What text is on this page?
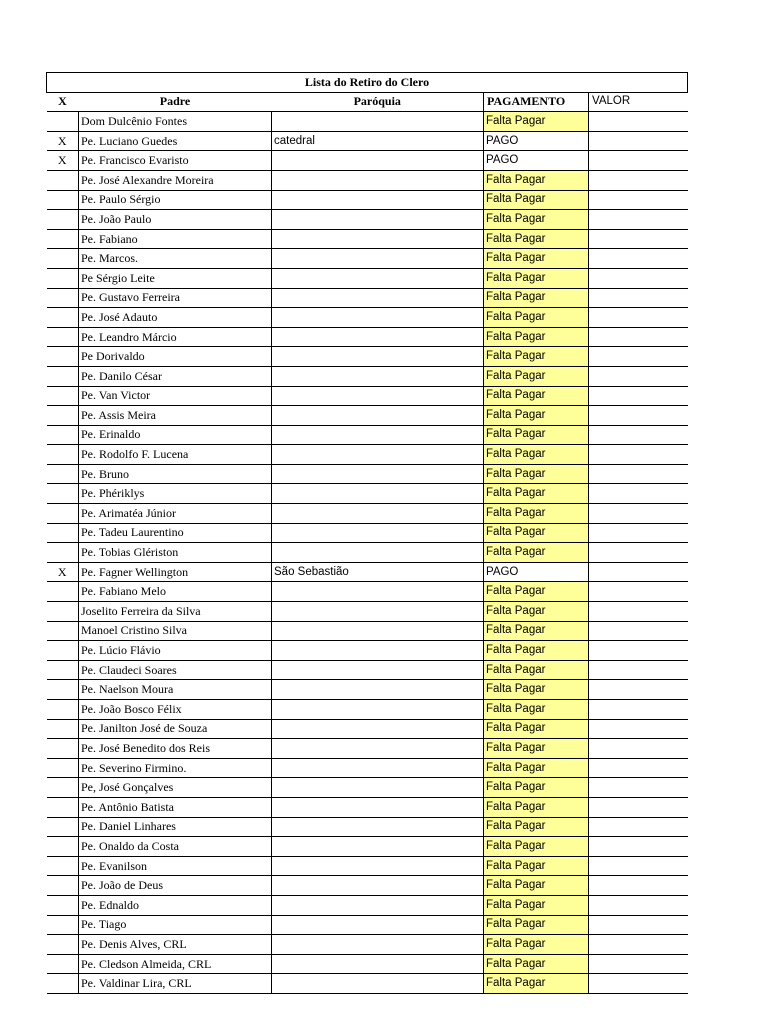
Lista do Retiro do Clero				
X	Padre	Paróquia	PAGAMENTO	VALOR
	Dom Dulcênio Fontes		Falta Pagar	
X	Pe. Luciano Guedes	catedral	PAGO	
X	Pe. Francisco Evaristo		PAGO	
	Pe. José Alexandre Moreira		Falta Pagar	
	Pe. Paulo Sérgio		Falta Pagar	
	Pe. João Paulo		Falta Pagar	
	Pe. Fabiano		Falta Pagar	
	Pe. Marcos.		Falta Pagar	
	Pe Sérgio Leite		Falta Pagar	
	Pe. Gustavo Ferreira		Falta Pagar	
	Pe. José Adauto		Falta Pagar	
	Pe. Leandro Márcio		Falta Pagar	
	Pe Dorivaldo		Falta Pagar	
	Pe. Danilo César		Falta Pagar	
	Pe. Van Victor		Falta Pagar	
	Pe. Assis Meira		Falta Pagar	
	Pe. Erinaldo		Falta Pagar	
	Pe. Rodolfo F. Lucena		Falta Pagar	
	Pe. Bruno		Falta Pagar	
	Pe. Phériklys		Falta Pagar	
	Pe. Arimatéa Júnior		Falta Pagar	
	Pe. Tadeu Laurentino		Falta Pagar	
	Pe. Tobias Glériston		Falta Pagar	
X	Pe. Fagner Wellington	São Sebastião	PAGO	
	Pe. Fabiano Melo		Falta Pagar	
	Joselito Ferreira da Silva		Falta Pagar	
	Manoel Cristino Silva		Falta Pagar	
	Pe. Lúcio Flávio		Falta Pagar	
	Pe. Claudeci Soares		Falta Pagar	
	Pe. Naelson Moura		Falta Pagar	
	Pe. João Bosco Félix		Falta Pagar	
	Pe. Janilton José de Souza		Falta Pagar	
	Pe. José Benedito dos Reis		Falta Pagar	
	Pe. Severino Firmino.		Falta Pagar	
	Pe, José Gonçalves		Falta Pagar	
	Pe. Antônio Batista		Falta Pagar	
	Pe. Daniel Linhares		Falta Pagar	
	Pe. Onaldo da Costa		Falta Pagar	
	Pe. Evanilson		Falta Pagar	
	Pe. João de Deus		Falta Pagar	
	Pe. Ednaldo		Falta Pagar	
	Pe. Tiago		Falta Pagar	
	Pe. Denis Alves, CRL		Falta Pagar	
	Pe. Cledson Almeida, CRL		Falta Pagar	
	Pe. Valdinar Lira, CRL		Falta Pagar	
